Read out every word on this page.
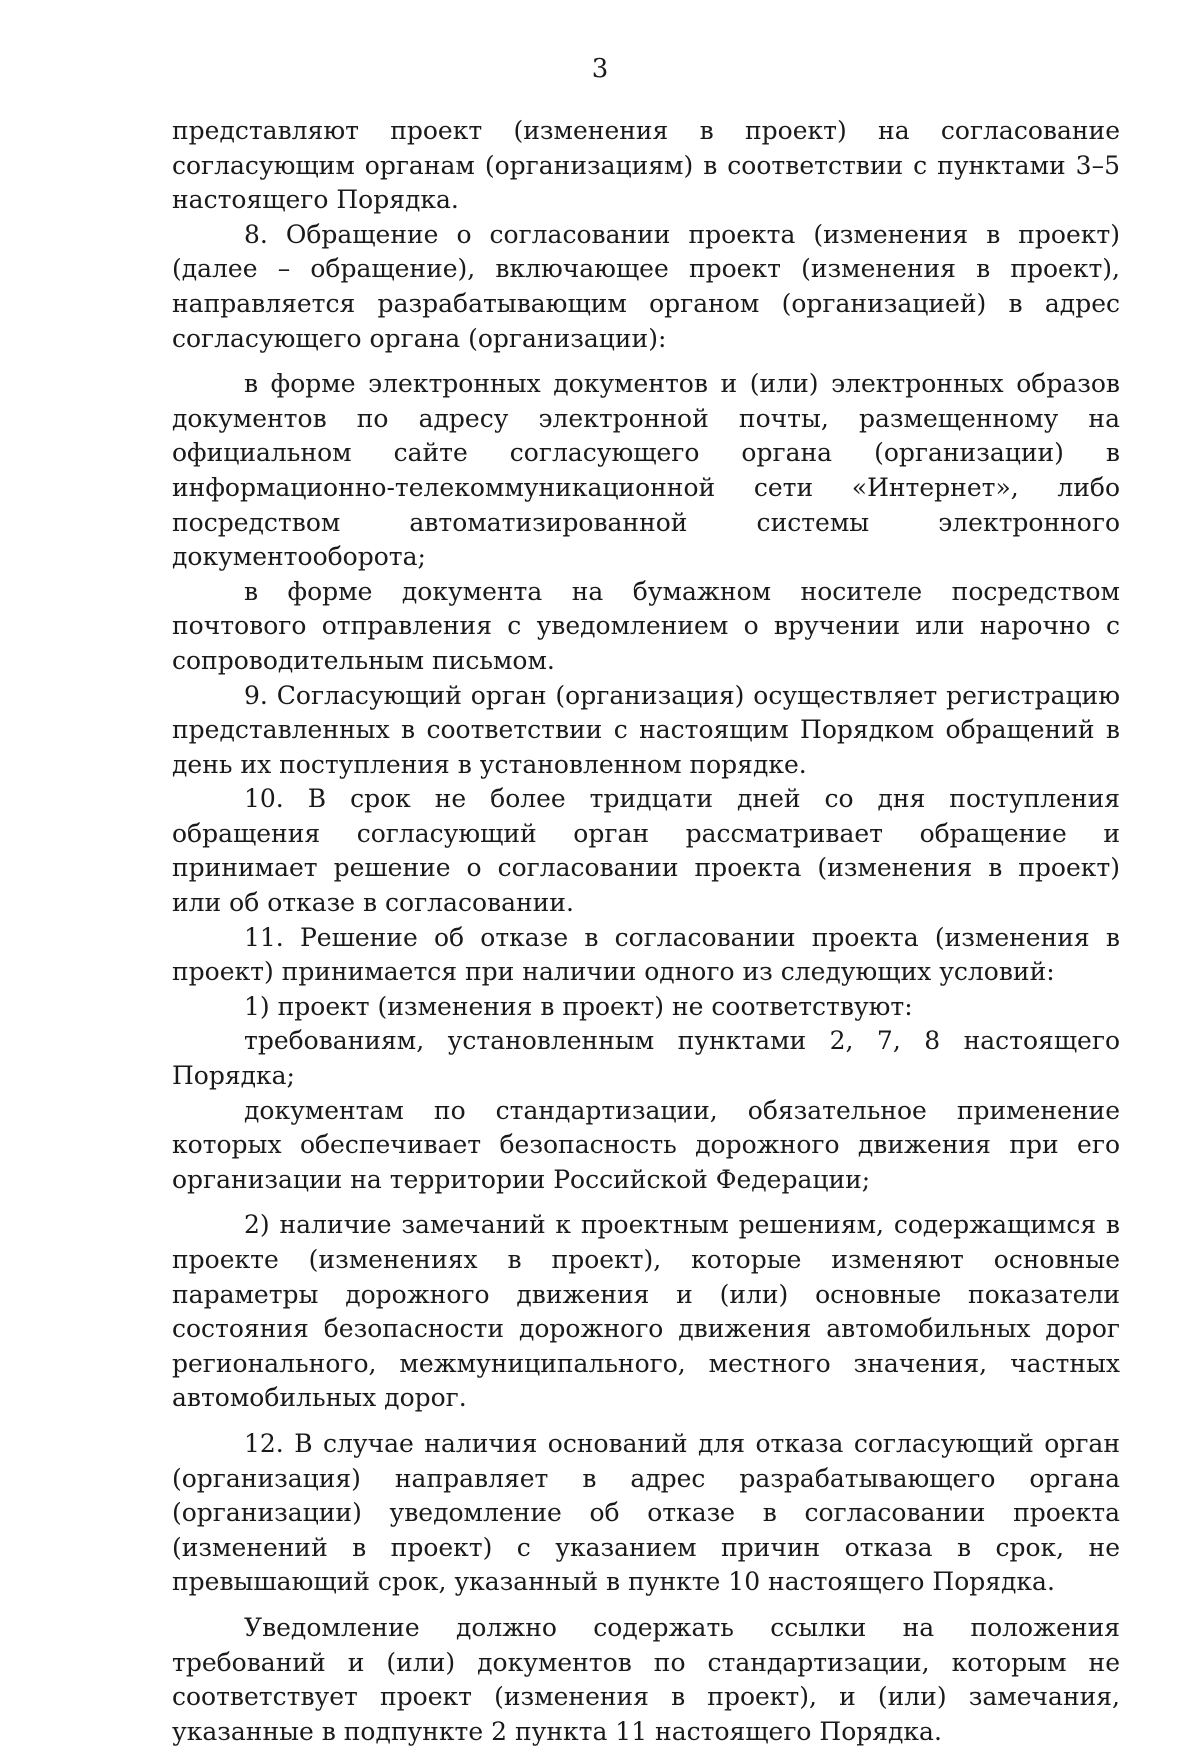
3

представляют проект (изменения в проект) на согласование согласующим органам (организациям) в соответствии с пунктами 3–5 настоящего Порядка.

8. Обращение о согласовании проекта (изменения в проект) (далее – обращение), включающее проект (изменения в проект), направляется разрабатывающим органом (организацией) в адрес согласующего органа (организации):

в форме электронных документов и (или) электронных образов документов по адресу электронной почты, размещенному на официальном сайте согласующего органа (организации) в информационно-телекоммуникационной сети «Интернет», либо посредством автоматизированной системы электронного документооборота;

в форме документа на бумажном носителе посредством почтового отправления с уведомлением о вручении или нарочно с сопроводительным письмом.

9. Согласующий орган (организация) осуществляет регистрацию представленных в соответствии с настоящим Порядком обращений в день их поступления в установленном порядке.

10. В срок не более тридцати дней со дня поступления обращения согласующий орган рассматривает обращение и принимает решение о согласовании проекта (изменения в проект) или об отказе в согласовании.

11. Решение об отказе в согласовании проекта (изменения в проект) принимается при наличии одного из следующих условий:

1) проект (изменения в проект) не соответствуют:

требованиям, установленным пунктами 2, 7, 8 настоящего Порядка;

документам по стандартизации, обязательное применение которых обеспечивает безопасность дорожного движения при его организации на территории Российской Федерации;

2) наличие замечаний к проектным решениям, содержащимся в проекте (изменениях в проект), которые изменяют основные параметры дорожного движения и (или) основные показатели состояния безопасности дорожного движения автомобильных дорог регионального, межмуниципального, местного значения, частных автомобильных дорог.

12. В случае наличия оснований для отказа согласующий орган (организация) направляет в адрес разрабатывающего органа (организации) уведомление об отказе в согласовании проекта (изменений в проект) с указанием причин отказа в срок, не превышающий срок, указанный в пункте 10 настоящего Порядка.

Уведомление должно содержать ссылки на положения требований и (или) документов по стандартизации, которым не соответствует проект (изменения в проект), и (или) замечания, указанные в подпункте 2 пункта 11 настоящего Порядка.
